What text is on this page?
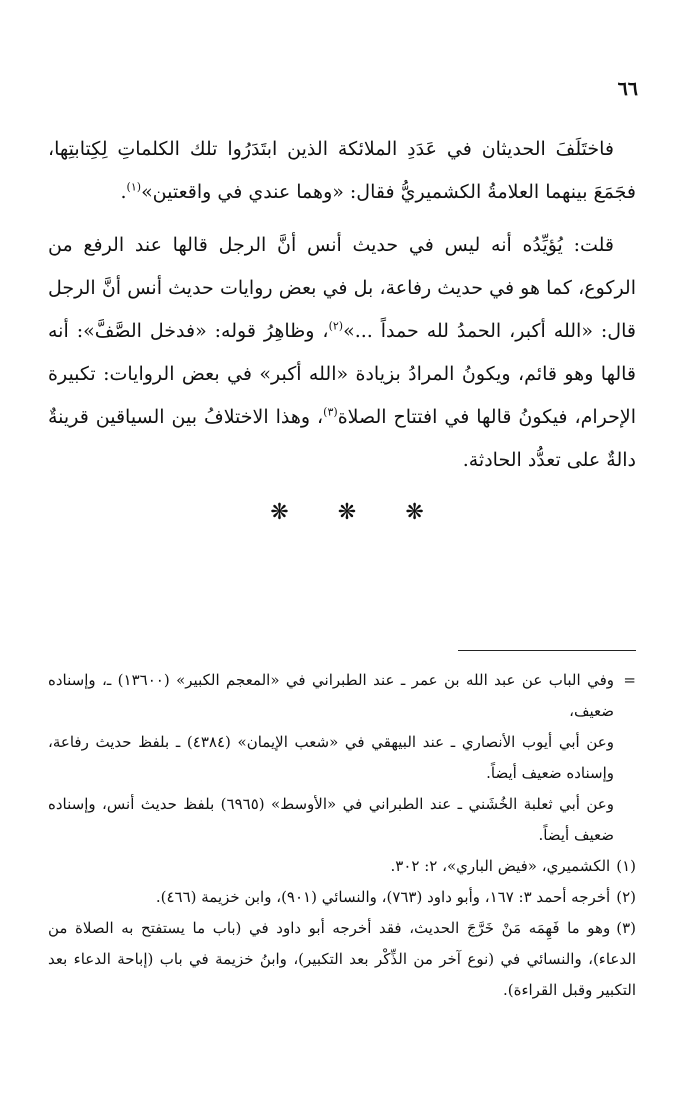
٦٦

فاختَلَفَ الحديثان في عَدَدِ الملائكة الذين ابتَدَرُوا تلك الكلماتِ لِكِتابتِها، فجَمَعَ بينهما العلامةُ الكشميريُّ فقال: «وهما عندي في واقعتين»$^{(١)}$.

قلت: يُؤيِّدُه أنه ليس في حديث أنس أنَّ الرجل قالها عند الرفع من الركوع، كما هو في حديث رفاعة، بل في بعض روايات حديث أنس أنَّ الرجل قال: «الله أكبر، الحمدُ لله حمداً ...»$^{(٢)}$، وظاهِرُ قوله: «فدخل الصَّفَّ»: أنه قالها وهو قائم، ويكونُ المرادُ بزيادة «الله أكبر» في بعض الروايات: تكبيرة الإحرام، فيكونُ قالها في افتتاح الصلاة$^{(٣)}$، وهذا الاختلافُ بين السياقين قرينةٌ دالةٌ على تعدُّد الحادثة.

❋ ❋ ❋
=
وفي الباب عن عبد الله بن عمر ـ عند الطبراني في «المعجم الكبير» (١٣٦٠٠) ـ، وإسناده ضعيف،
وعن أبي أيوب الأنصاري ـ عند البيهقي في «شعب الإيمان» (٤٣٨٤) ـ بلفظ حديث رفاعة، وإسناده ضعيف أيضاً.
وعن أبي ثعلبة الخُشَني ـ عند الطبراني في «الأوسط» (٦٩٦٥) بلفظ حديث أنس، وإسناده ضعيف أيضاً.
(١)الكشميري، «فيض الباري»، ٢: ٣٠٢.
(٢)أخرجه أحمد ٣: ١٦٧، وأبو داود (٧٦٣)، والنسائي (٩٠١)، وابن خزيمة (٤٦٦).
(٣)وهو ما فَهِمَه مَنْ خَرَّجَ الحديث، فقد أخرجه أبو داود في (باب ما يستفتح به الصلاة من الدعاء)، والنسائي في (نوع آخر من الذِّكْر بعد التكبير)، وابنُ خزيمة في باب (إباحة الدعاء بعد التكبير وقبل القراءة).
